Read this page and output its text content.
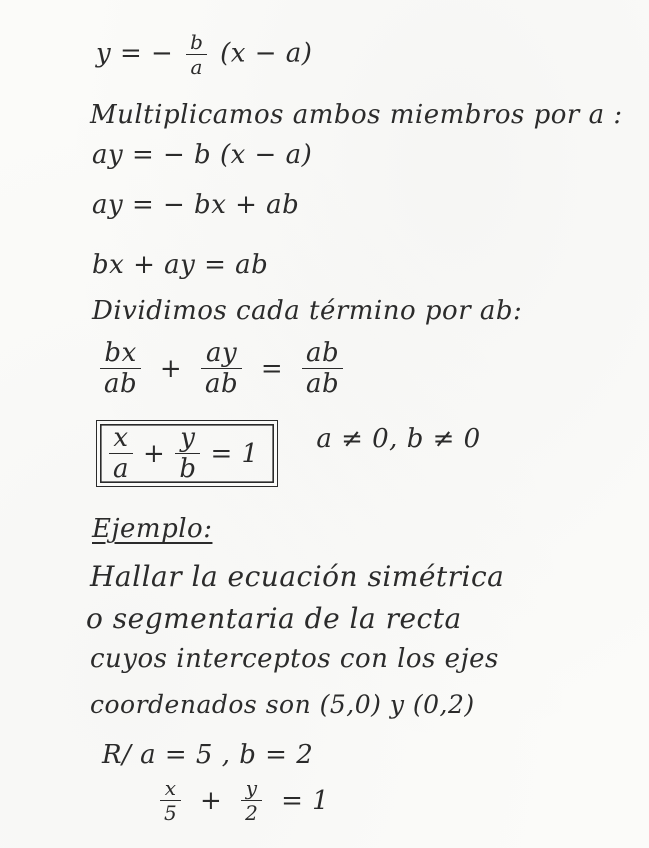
y = − $\frac{b}{a} (x - a)$
Multiplicamos ambos miembros por a :
ay = − b (x − a)
ay = − bx + ab
bx + ay = ab
Dividimos cada término por ab:
$\frac{bx}{ab} + \frac{ay}{ab} = \frac{ab}{ab}$
$\frac{x}{a} + \frac{y}{b} = 1$ a ≠ 0, b ≠ 0
Ejemplo:
Hallar la ecuación simétrica
o segmentaria de la recta
cuyos interceptos con los ejes
coordenados son (5,0) y (0,2)
R/ a = 5 , b = 2
$\frac{x}{5} + \frac{y}{2} = 1$
